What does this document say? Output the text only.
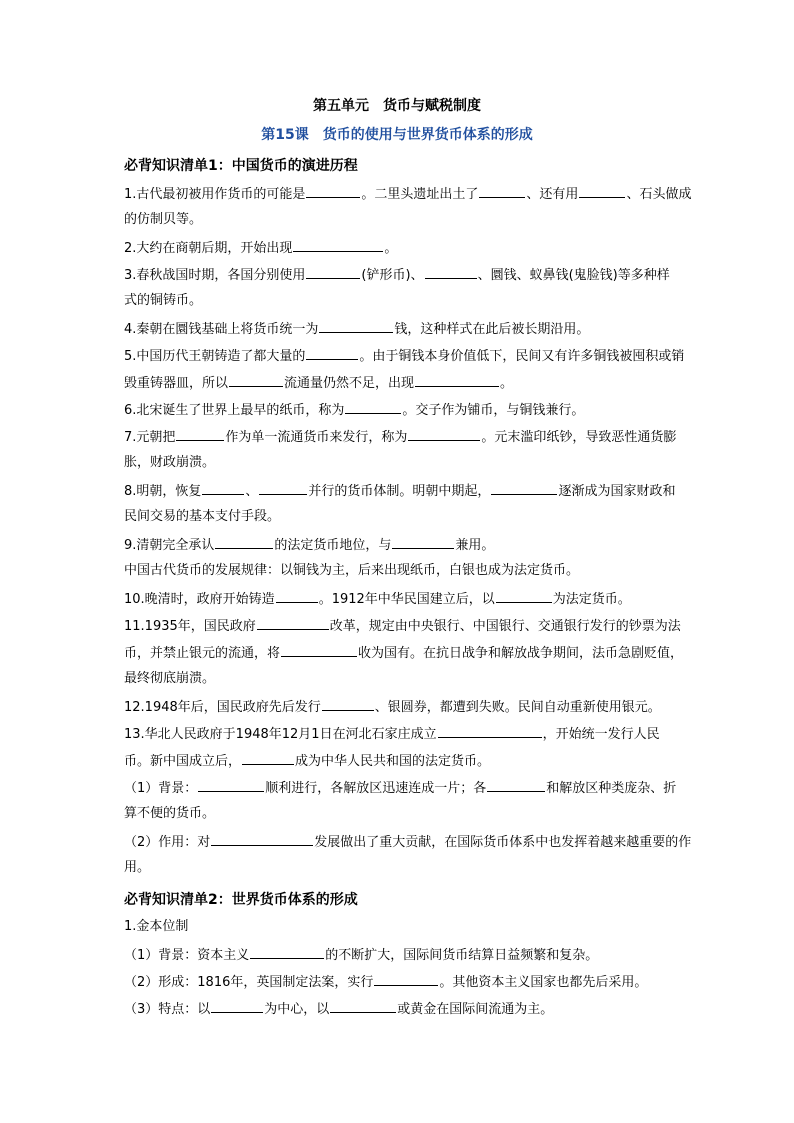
第五单元　货币与赋税制度
第15课　货币的使用与世界货币体系的形成
必背知识清单1：中国货币的演进历程
1.古代最初被用作货币的可能是	。二里头遗址出土了	、还有用	、石头做成
的仿制贝等。
2.大约在商朝后期，开始出现	。
3.春秋战国时期，各国分别使用	(铲形币)、	、圜钱、蚁鼻钱(鬼脸钱)等多种样
式的铜铸币。
4.秦朝在圜钱基础上将货币统一为	钱，这种样式在此后被长期沿用。
5.中国历代王朝铸造了都大量的	。由于铜钱本身价值低下，民间又有许多铜钱被囤积或销
毁重铸器皿，所以	流通量仍然不足，出现	。
6.北宋诞生了世界上最早的纸币，称为	。交子作为铺币，与铜钱兼行。
7.元朝把	作为单一流通货币来发行，称为	。元末滥印纸钞，导致恶性通货膨
胀，财政崩溃。
8.明朝，恢复	、	并行的货币体制。明朝中期起，	逐渐成为国家财政和
民间交易的基本支付手段。
9.清朝完全承认	的法定货币地位，与	兼用。
中国古代货币的发展规律：以铜钱为主，后来出现纸币，白银也成为法定货币。
10.晚清时，政府开始铸造	。1912年中华民国建立后，以	为法定货币。
11.1935年，国民政府	改革，规定由中央银行、中国银行、交通银行发行的钞票为法
币，并禁止银元的流通，将	收为国有。在抗日战争和解放战争期间，法币急剧贬值，
最终彻底崩溃。
12.1948年后，国民政府先后发行	、银圆券，都遭到失败。民间自动重新使用银元。
13.华北人民政府于1948年12月1日在河北石家庄成立	，开始统一发行人民
币。新中国成立后，	成为中华人民共和国的法定货币。
（1）背景：	顺利进行，各解放区迅速连成一片；各	和解放区种类庞杂、折
算不便的货币。
（2）作用：对	发展做出了重大贡献，在国际货币体系中也发挥着越来越重要的作
用。
必背知识清单2：世界货币体系的形成
1.金本位制
（1）背景：资本主义	的不断扩大，国际间货币结算日益频繁和复杂。
（2）形成：1816年，英国制定法案，实行	。其他资本主义国家也都先后采用。
（3）特点：以	为中心，以	或黄金在国际间流通为主。
